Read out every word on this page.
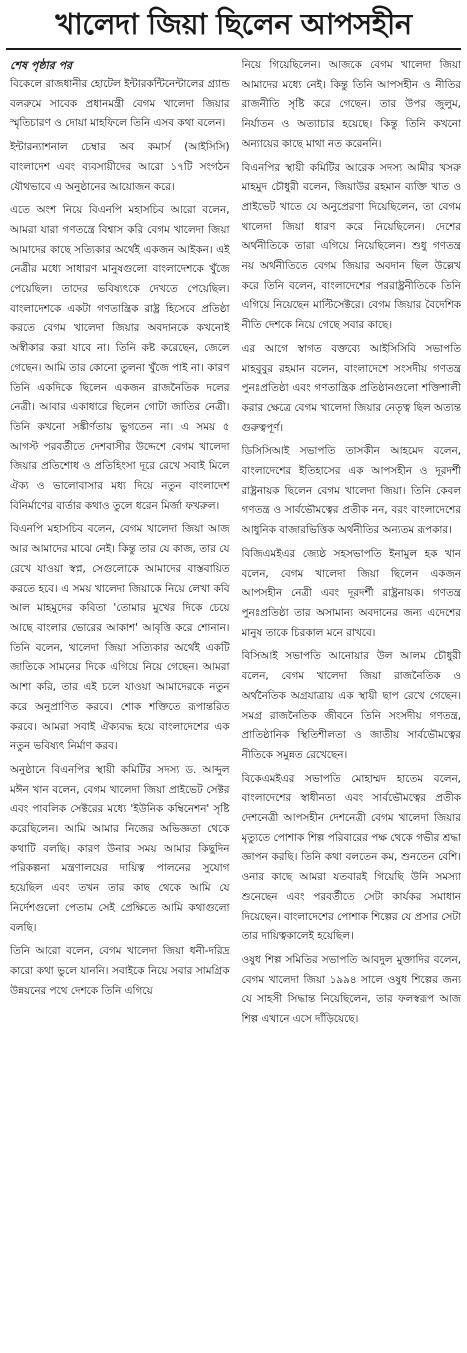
খালেদা জিয়া ছিলেন আপসহীন

শেষ পৃষ্ঠার পর

বিকেলে রাজধানীর হোটেল ইন্টারকন্টিনেন্টালের গ্র্যান্ড বলরুমে সাবেক প্রধানমন্ত্রী বেগম খালেদা জিয়ার স্মৃতিচারণ ও দোয়া মাহফিলে তিনি এসব কথা বলেন।

ইন্টারন্যাশনাল চেম্বার অব কমার্স (আইসিসি) বাংলাদেশ এবং ব্যবসায়ীদের আরো ১৭টি সংগঠন যৌথভাবে এ অনুষ্ঠানের আয়োজন করে।

এতে অংশ নিয়ে বিএনপি মহাসচিব আরো বলেন, আমরা যারা গণতন্ত্রে বিশ্বাস করি বেগম খালেদা জিয়া আমাদের কাছে সত্যিকার অর্থেই একজন আইকন। এই নেত্রীর মধ্যে সাধারণ মানুষগুলো বাংলাদেশকে খুঁজে পেয়েছিল। তাদের ভবিষ্যৎকে দেখতে পেয়েছিল। বাংলাদেশকে একটা গণতান্ত্রিক রাষ্ট্র হিসেবে প্রতিষ্ঠা করতে বেগম খালেদা জিয়ার অবদানকে কখনোই অস্বীকার করা যাবে না। তিনি কষ্ট করেছেন, জেলে গেছেন। আমি তার কোনো তুলনা খুঁজে পাই না। কারণ তিনি একদিকে ছিলেন একজন রাজনৈতিক দলের নেত্রী। আবার একাধারে ছিলেন গোটা জাতির নেত্রী। তিনি কখনো সঙ্কীর্ণতায় ভুগতেন না। এ সময় ৫ আগস্ট পরবর্তীতে দেশবাসীর উদ্দেশে বেগম খালেদা জিয়ার প্রতিশোধ ও প্রতিহিংসা দূরে রেখে সবাই মিলে ঐক্য ও ভালোবাসার মধ্য দিয়ে নতুন বাংলাদেশ বিনির্মাণের বার্তার কথাও তুলে ধরেন মির্জা ফখরুল।

বিএনপি মহাসচিব বলেন, বেগম খালেদা জিয়া আজ আর আমাদের মাঝে নেই। কিন্তু তার যে কাজ, তার যে রেখে যাওয়া স্বপ্ন, সেগুলোকে আমাদের বাস্তবায়িত করতে হবে। এ সময় খালেদা জিয়াকে নিয়ে লেখা কবি আল মাহমুদের কবিতা 'তোমার মুখের দিকে চেয়ে আছে বাংলার ভোরের আকাশ' আবৃত্তি করে শোনান। তিনি বলেন, খালেদা জিয়া সত্যিকার অর্থেই একটি জাতিকে সামনের দিকে এগিয়ে নিয়ে গেছেন। আমরা আশা করি, তার এই চলে যাওয়া আমাদেরকে নতুন করে অনুপ্রাণিত করবে। শোক শক্তিতে রূপান্তরিত করবে। আমরা সবাই ঐক্যবদ্ধ হয়ে বাংলাদেশের এক নতুন ভবিষ্যৎ নির্মাণ করব।

অনুষ্ঠানে বিএনপির স্থায়ী কমিটির সদস্য ড. আব্দুল মঈন খান বলেন, বেগম খালেদা জিয়া প্রাইভেট সেক্টর এবং পাবলিক সেক্টরের মধ্যে 'ইউনিক কম্বিনেশন' সৃষ্টি করেছিলেন। আমি আমার নিজের অভিজ্ঞতা থেকে কথাটি বলছি। কারণ উনার সময় আমার কিছুদিন পরিকল্পনা মন্ত্রণালয়ের দায়িত্ব পালনের সুযোগ হয়েছিল এবং তখন তার কাছ থেকে আমি যে নির্দেশগুলো পেতাম সেই প্রেক্ষিতে আমি কথাগুলো বলছি।

তিনি আরো বলেন, বেগম খালেদা জিয়া ধনী-দরিদ্র কারো কথা ভুলে যাননি। সবাইকে নিয়ে সবার সামগ্রিক উন্নয়নের পথে দেশকে তিনি এগিয়ে

নিয়ে গিয়েছিলেন। আজকে বেগম খালেদা জিয়া আমাদের মধ্যে নেই। কিন্তু তিনি আপসহীন ও নীতির রাজনীতি সৃষ্টি করে গেছেন। তার উপর জুলুম, নির্যাতন ও অত্যাচার হয়েছে। কিন্তু তিনি কখনো অন্যায়ের কাছে মাথা নত করেননি।

বিএনপির স্থায়ী কমিটির আরেক সদস্য আমীর খসরু মাহমুদ চৌধুরী বলেন, জিয়াউর রহমান ব্যক্তি খাত ও প্রাইভেট খাতে যে অনুপ্রেরণা দিয়েছিলেন, তা বেগম খালেদা জিয়া ধারণ করে নিয়েছিলেন। দেশের অর্থনীতিকে তারা এগিয়ে নিয়েছিলেন। শুধু গণতন্ত্র নয় অর্থনীতিতে বেগম জিয়ার অবদান ছিল উল্লেখ করে তিনি বলেন, বাংলাদেশের পররাষ্ট্রনীতিকে তিনি এগিয়ে নিয়েছেন মাল্টিসেক্টরে। বেগম জিয়ার বৈদেশিক নীতি দেশকে নিয়ে গেছে সবার কাছে।

এর আগে স্বাগত বক্তব্যে আইসিসিবি সভাপতি মাহবুবুর রহমান বলেন, বাংলাদেশে সংসদীয় গণতন্ত্র পুনঃপ্রতিষ্ঠা এবং গণতান্ত্রিক প্রতিষ্ঠানগুলো শক্তিশালী করার ক্ষেত্রে বেগম খালেদা জিয়ার নেতৃত্ব ছিল অত্যন্ত গুরুত্বপূর্ণ।

ডিসিসিআই সভাপতি তাসকীন আহমেদ বলেন, বাংলাদেশের ইতিহাসের এক আপসহীন ও দূরদর্শী রাষ্ট্রনায়ক ছিলেন বেগম খালেদা জিয়া। তিনি কেবল গণতন্ত্র ও সার্বভৌমত্বের প্রতীক নন, বরং বাংলাদেশের আধুনিক বাজারভিত্তিক অর্থনীতির অন্যতম রূপকার।

বিজিএমইএর জ্যেষ্ঠ সহসভাপতি ইনামুল হক খান বলেন, বেগম খালেদা জিয়া ছিলেন একজন আপসহীন নেত্রী এবং দূরদর্শী রাষ্ট্রনায়ক। গণতন্ত্র পুনঃপ্রতিষ্ঠা তার অসামান্য অবদানের জন্য এদেশের মানুষ তাকে চিরকাল মনে রাখবে।

বিসিআই সভাপতি আনোয়ার উল আলম চৌধুরী বলেন, বেগম খালেদা জিয়া রাজনৈতিক ও অর্থনৈতিক অগ্রযাত্রায় এক স্থায়ী ছাপ রেখে গেছেন। সমগ্র রাজনৈতিক জীবনে তিনি সংসদীয় গণতন্ত্র, প্রাতিষ্ঠানিক স্থিতিশীলতা ও জাতীয় সার্বভৌমত্বের নীতিকে সমুন্নত রেখেছেন।

বিকেএমইএর সভাপতি মোহাম্মদ হাতেম বলেন, বাংলাদেশের স্বাধীনতা এবং সার্বভৌমত্বের প্রতীক দেশনেত্রী আপসহীন দেশনেত্রী বেগম খালেদা জিয়ার মৃত্যুতে পোশাক শিল্প পরিবারের পক্ষ থেকে গভীর শ্রদ্ধা জ্ঞাপন করছি। তিনি কথা বলতেন কম, শুনতেন বেশি। ওনার কাছে আমরা যতবারই গিয়েছি উনি সমস্যা শুনেছেন এবং পরবর্তীতে সেটা কার্যকর সমাধান দিয়েছেন। বাংলাদেশের পোশাক শিল্পের যে প্রসার সেটা তার দায়িত্বকালেই হয়েছিল।

ওষুধ শিল্প সমিতির সভাপতি আবদুল মুক্তাদির বলেন, বেগম খালেদা জিয়া ১৯৯৪ সালে ওষুধ শিল্পের জন্য যে সাহসী সিদ্ধান্ত নিয়েছিলেন, তার ফলস্বরূপ আজ শিল্প এখানে এসে দাঁড়িয়েছে।
